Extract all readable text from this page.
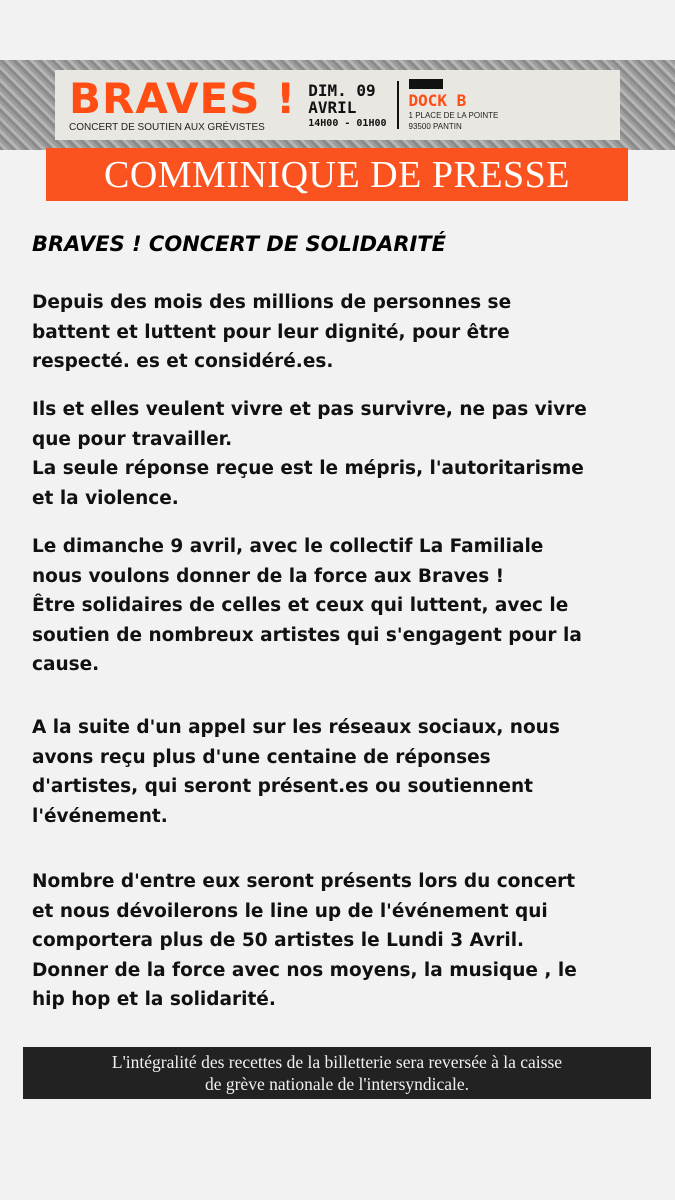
BRAVES !
CONCERT DE SOUTIEN AUX GRÉVISTES
DIM. 09
AVRIL
14H00 - 01H00
DOCK B
1 PLACE DE LA POINTE
93500 PANTIN
COMMINIQUE DE PRESSE
BRAVES ! CONCERT DE SOLIDARITÉ

Depuis des mois des millions de personnes se
battent et luttent pour leur dignité, pour être
respecté. es et considéré.es.

Ils et elles veulent vivre et pas survivre, ne pas vivre
que pour travailler.
La seule réponse reçue est le mépris, l'autoritarisme
et la violence.

Le dimanche 9 avril, avec le collectif La Familiale
nous voulons donner de la force aux Braves !
Être solidaires de celles et ceux qui luttent, avec le
soutien de nombreux artistes qui s'engagent pour la
cause.

A la suite d'un appel sur les réseaux sociaux, nous
avons reçu plus d'une centaine de réponses
d'artistes, qui seront présent.es ou soutiennent
l'événement.

Nombre d'entre eux seront présents lors du concert
et nous dévoilerons le line up de l'événement qui
comportera plus de 50 artistes le Lundi 3 Avril.
Donner de la force avec nos moyens, la musique , le
hip hop et la solidarité.

L'intégralité des recettes de la billetterie sera reversée à la caisse
de grève nationale de l'intersyndicale.
